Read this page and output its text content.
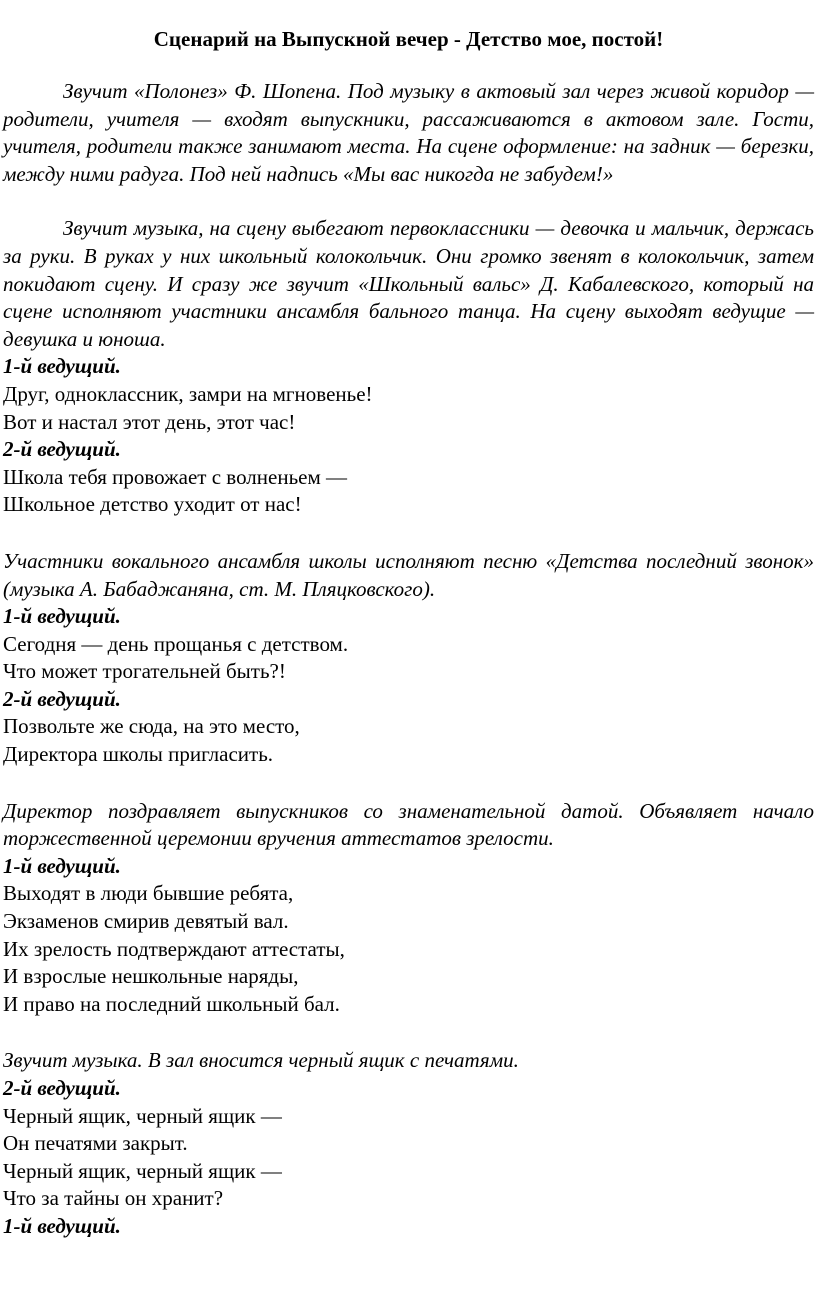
Сценарий на Выпускной вечер - Детство мое, постой!
Звучит «Полонез» Ф. Шопена. Под музыку в актовый зал через живой коридор — родители, учителя — входят выпускники, рассаживаются в актовом зале. Гости, учителя, родители также занимают места. На сцене оформление: на задник — березки, между ними радуга. Под ней надпись «Мы вас никогда не забудем!»
Звучит музыка, на сцену выбегают первоклассники — девочка и мальчик, держась за руки. В руках у них школьный колокольчик. Они громко звенят в колокольчик, затем покидают сцену. И сразу же звучит «Школьный вальс» Д. Кабалевского, который на сцене исполняют участники ансамбля бального танца. На сцену выходят ведущие — девушка и юноша.
1-й ведущий.
Друг, одноклассник, замри на мгновенье!
Вот и настал этот день, этот час!
2-й ведущий.
Школа тебя провожает с волненьем —
Школьное детство уходит от нас!
Участники вокального ансамбля школы исполняют песню «Детства последний звонок» (музыка А. Бабаджаняна, ст. М. Пляцковского).
1-й ведущий.
Сегодня — день прощанья с детством.
Что может трогательней быть?!
2-й ведущий.
Позвольте же сюда, на это место,
Директора школы пригласить.
Директор поздравляет выпускников со знаменательной датой. Объявляет начало торжественной церемонии вручения аттестатов зрелости.
1-й ведущий.
Выходят в люди бывшие ребята,
Экзаменов смирив девятый вал.
Их зрелость подтверждают аттестаты,
И взрослые нешкольные наряды,
И право на последний школьный бал.
Звучит музыка. В зал вносится черный ящик с печатями.
2-й ведущий.
Черный ящик, черный ящик —
Он печатями закрыт.
Черный ящик, черный ящик —
Что за тайны он хранит?
1-й ведущий.
